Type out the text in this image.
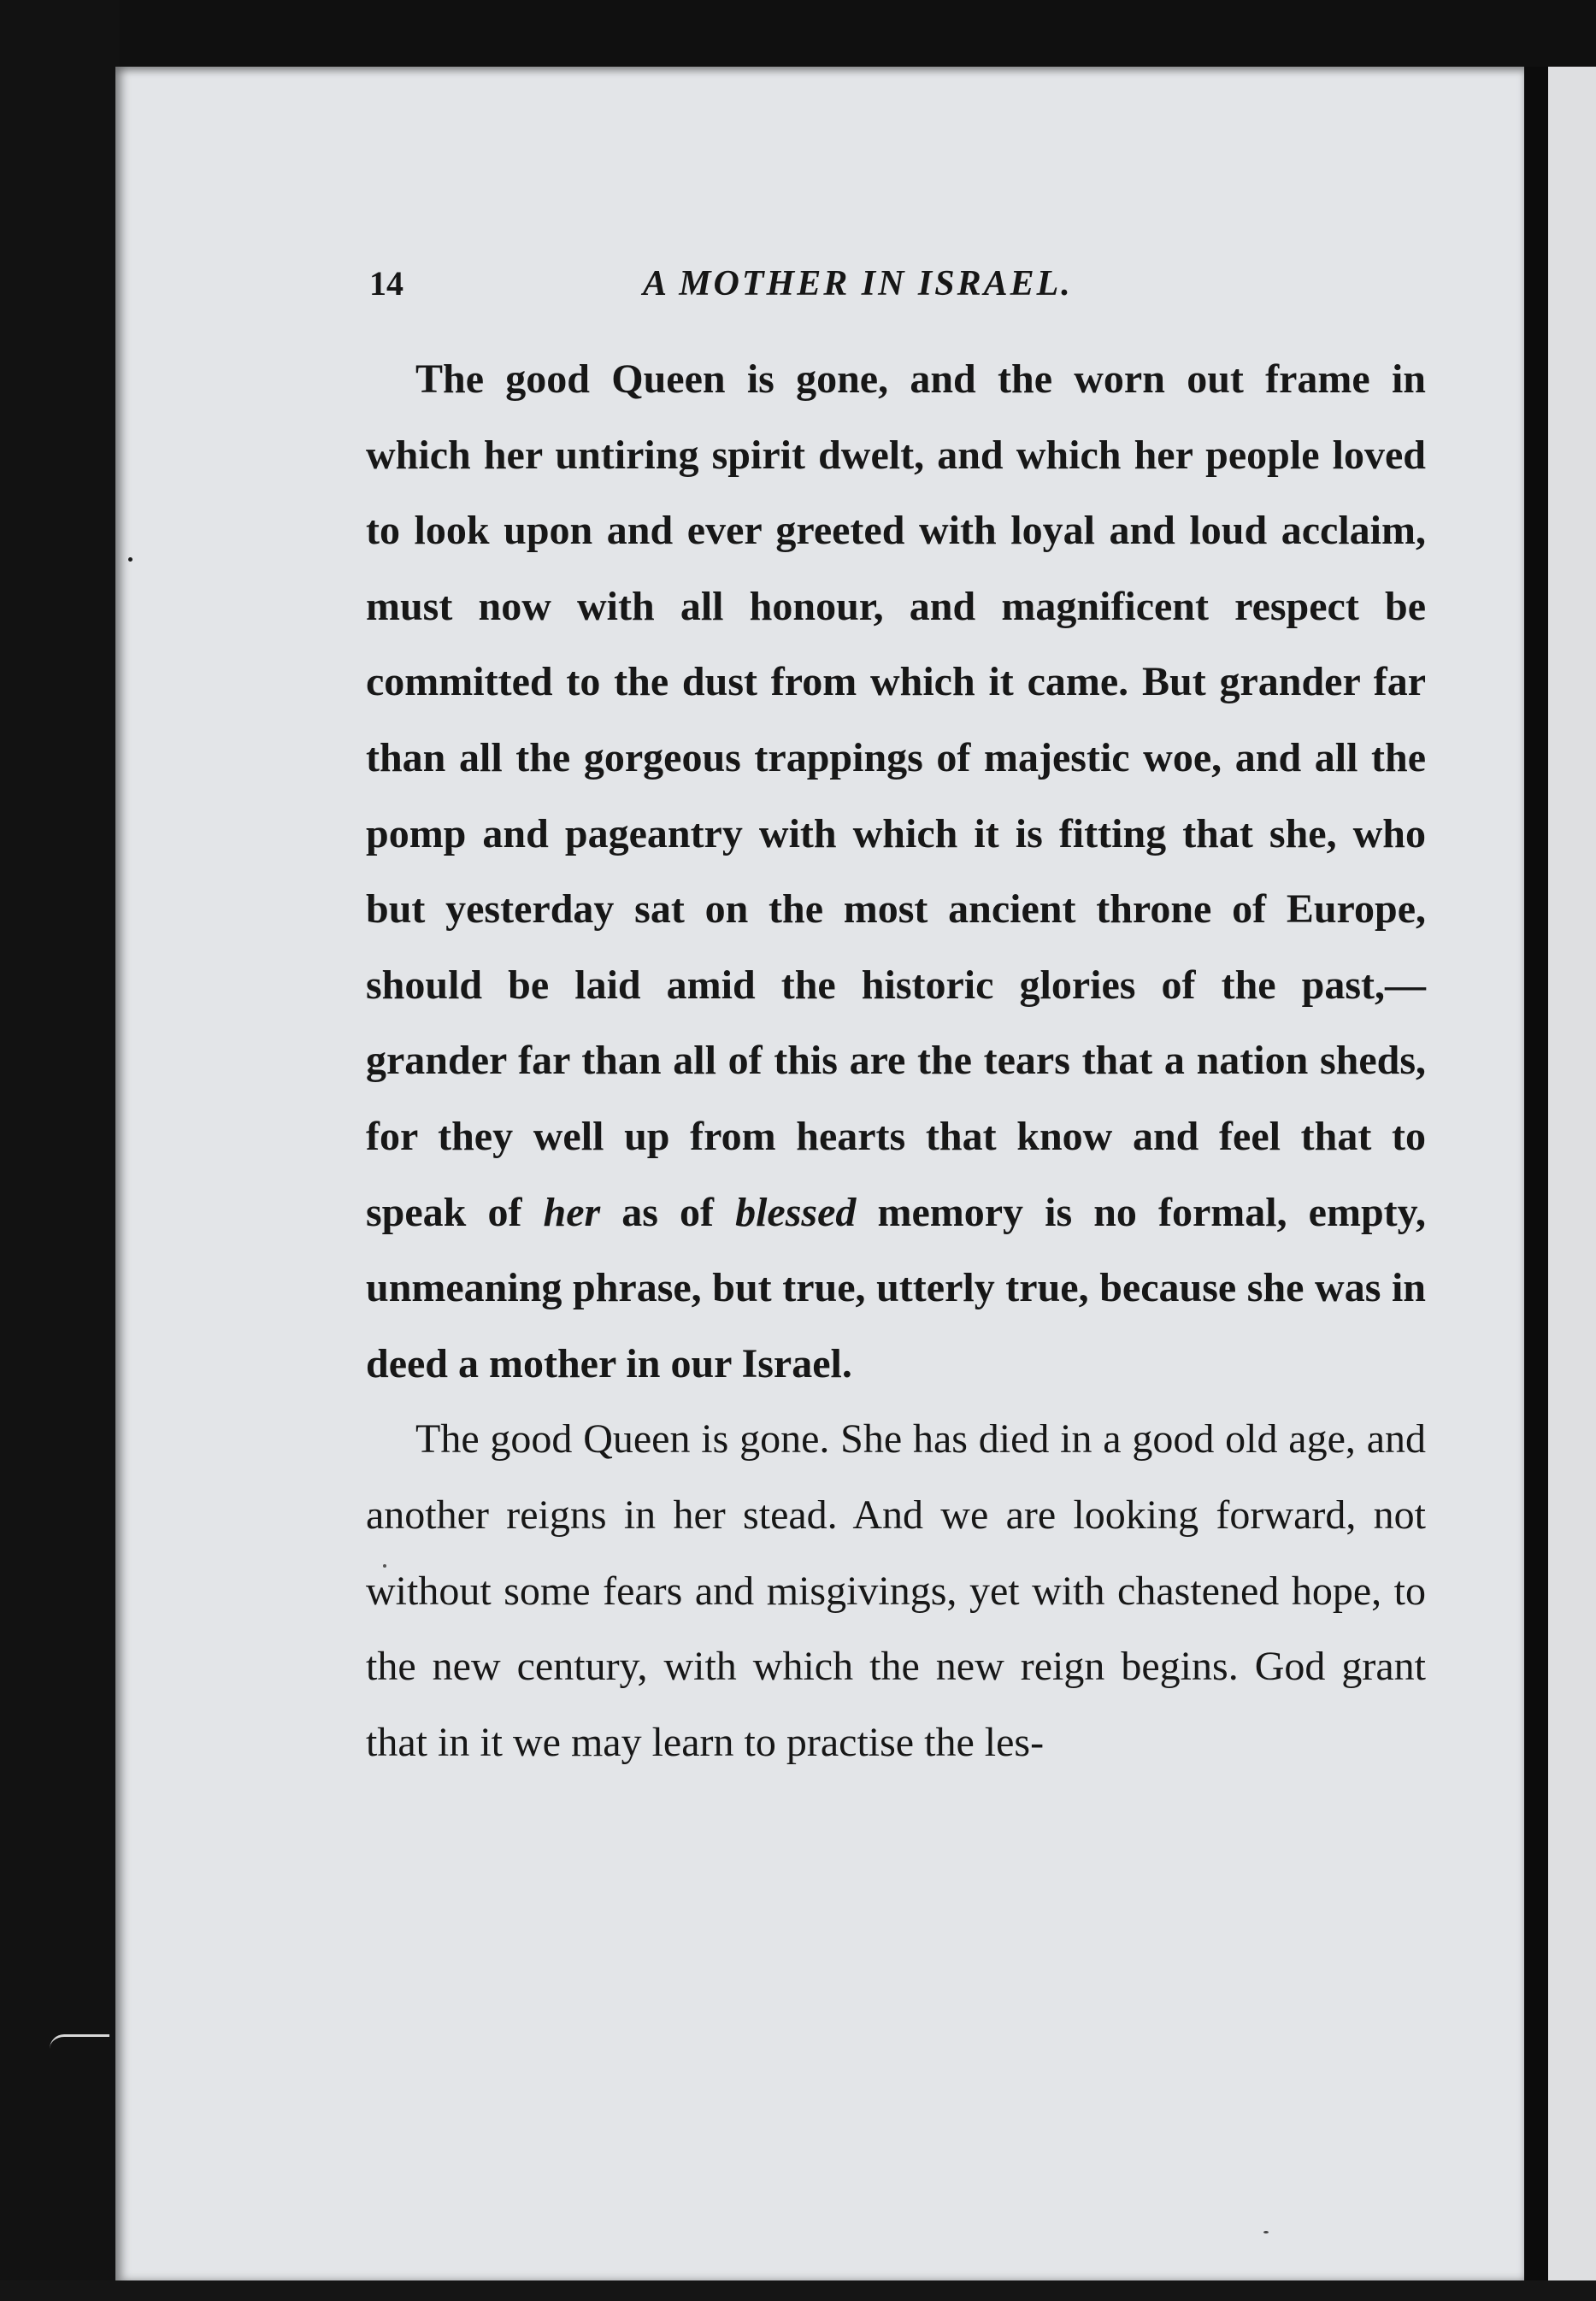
14	A MOTHER IN ISRAEL.

The good Queen is gone, and the worn out frame in which her untiring spirit dwelt, and which her people loved to look upon and ever greeted with loyal and loud acclaim, must now with all honour, and magnificent respect be committed to the dust from which it came. But grander far than all the gorgeous trappings of majestic woe, and all the pomp and pageantry with which it is fitting that she, who but yesterday sat on the most ancient throne of Europe, should be laid amid the historic glories of the past,—grander far than all of this are the tears that a nation sheds, for they well up from hearts that know and feel that to speak of her as of blessed memory is no formal, empty, unmeaning phrase, but true, utterly true, because she was in deed a mother in our Israel.

The good Queen is gone. She has died in a good old age, and another reigns in her stead. And we are looking forward, not without some fears and misgivings, yet with chastened hope, to the new century, with which the new reign begins. God grant that in it we may learn to practise the les-
